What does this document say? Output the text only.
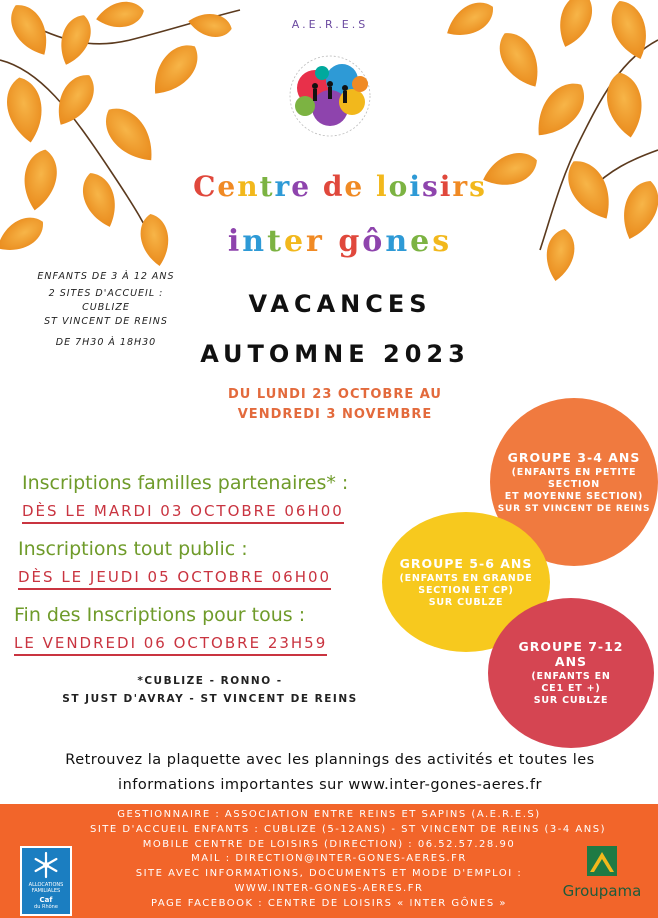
A.E.R.E.S
Centre de loisirs
inter gônes
ENFANTS DE 3 À 12 ANS
2 SITES D'ACCUEIL :
CUBLIZE
ST VINCENT DE REINS
DE 7H30 À 18H30
VACANCES
AUTOMNE 2023
DU LUNDI 23 OCTOBRE AU
VENDREDI 3 NOVEMBRE
Inscriptions familles partenaires* :
DÈS LE MARDI 03 OCTOBRE 06H00
Inscriptions tout public :
DÈS LE JEUDI 05 OCTOBRE 06H00
Fin des Inscriptions pour tous :
LE VENDREDI 06 OCTOBRE 23H59
*CUBLIZE - RONNO -
ST JUST D'AVRAY - ST VINCENT DE REINS
GROUPE 3-4 ANS
(ENFANTS EN PETITE
SECTION
ET MOYENNE SECTION)
SUR ST VINCENT DE REINS
GROUPE 5-6 ANS
(ENFANTS EN GRANDE
SECTION ET CP)
SUR CUBLZE
GROUPE 7-12
ANS
(ENFANTS EN
CE1 ET +)
SUR CUBLZE
Retrouvez la plaquette avec les plannings des activités et toutes les
informations importantes sur www.inter-gones-aeres.fr
GESTIONNAIRE : ASSOCIATION ENTRE REINS ET SAPINS (A.E.R.E.S)
SITE D'ACCUEIL ENFANTS : CUBLIZE (5-12ANS) - ST VINCENT DE REINS (3-4 ANS)
MOBILE CENTRE DE LOISIRS (DIRECTION) : 06.52.57.28.90
MAIL : DIRECTION@INTER-GONES-AERES.FR
SITE AVEC INFORMATIONS, DOCUMENTS ET MODE D'EMPLOI :
WWW.INTER-GONES-AERES.FR
PAGE FACEBOOK : CENTRE DE LOISIRS « INTER GÔNES »
ALLOCATIONS
FAMILIALES
Caf
du Rhône
Groupama
